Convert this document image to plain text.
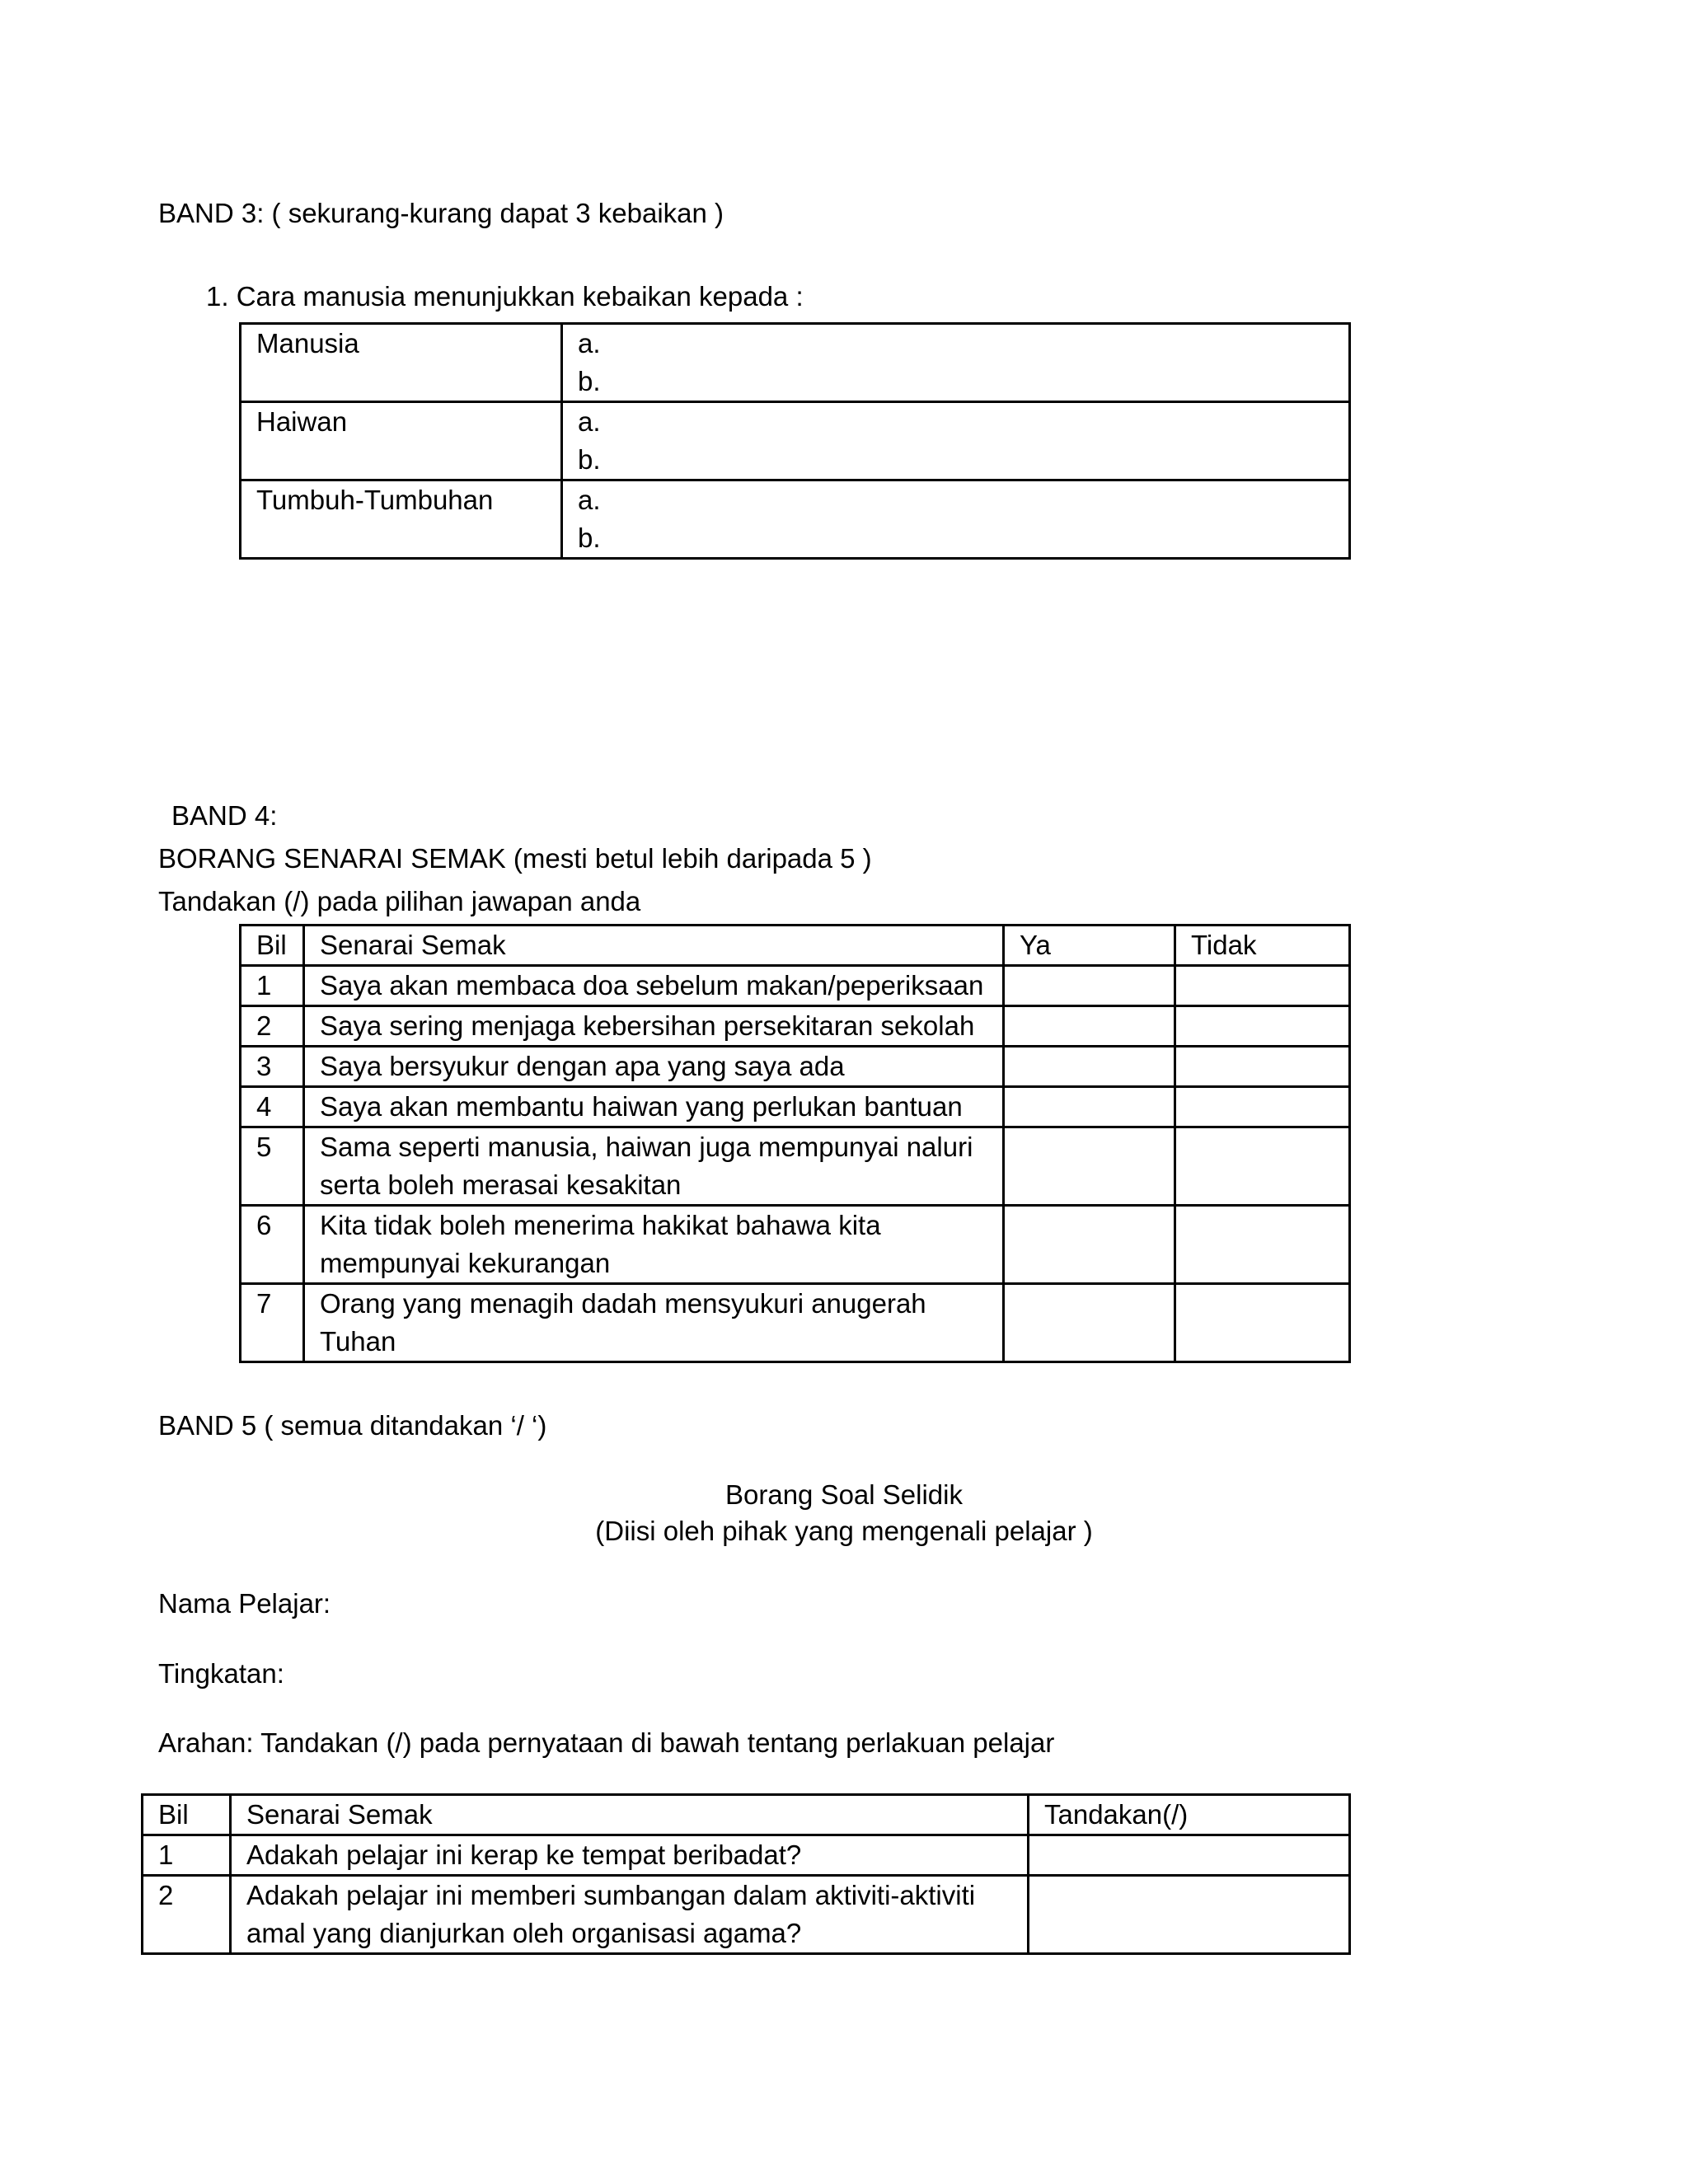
BAND 3: ( sekurang-kurang dapat 3 kebaikan )
1. Cara manusia menunjukkan kebaikan kepada :
Manusia	a.
b.

Haiwan	a.
b.

Tumbuh-Tumbuhan	a.
b.
BAND 4:
BORANG SENARAI SEMAK (mesti betul lebih daripada 5 )
Tandakan (/) pada pilihan jawapan anda
Bil	Senarai Semak	Ya	Tidak
1	Saya akan membaca doa sebelum makan/peperiksaan		

2	Saya sering menjaga kebersihan persekitaran sekolah		

3	Saya bersyukur dengan apa yang saya ada		

4	Saya akan membantu haiwan yang perlukan bantuan		

5	Sama seperti manusia, haiwan juga mempunyai naluri
serta boleh merasai kesakitan		

6	Kita tidak boleh menerima hakikat bahawa kita
mempunyai kekurangan		

7	Orang yang menagih dadah mensyukuri anugerah
Tuhan		

BAND 5 ( semua ditandakan ‘/ ‘)
Borang Soal Selidik
(Diisi oleh pihak yang mengenali pelajar )
Nama Pelajar:
Tingkatan:
Arahan: Tandakan (/) pada pernyataan di bawah tentang perlakuan pelajar
Bil	Senarai Semak	Tandakan(/)
1	Adakah pelajar ini kerap ke tempat beribadat?	

2	Adakah pelajar ini memberi sumbangan dalam aktiviti-aktiviti
amal yang dianjurkan oleh organisasi agama?	
